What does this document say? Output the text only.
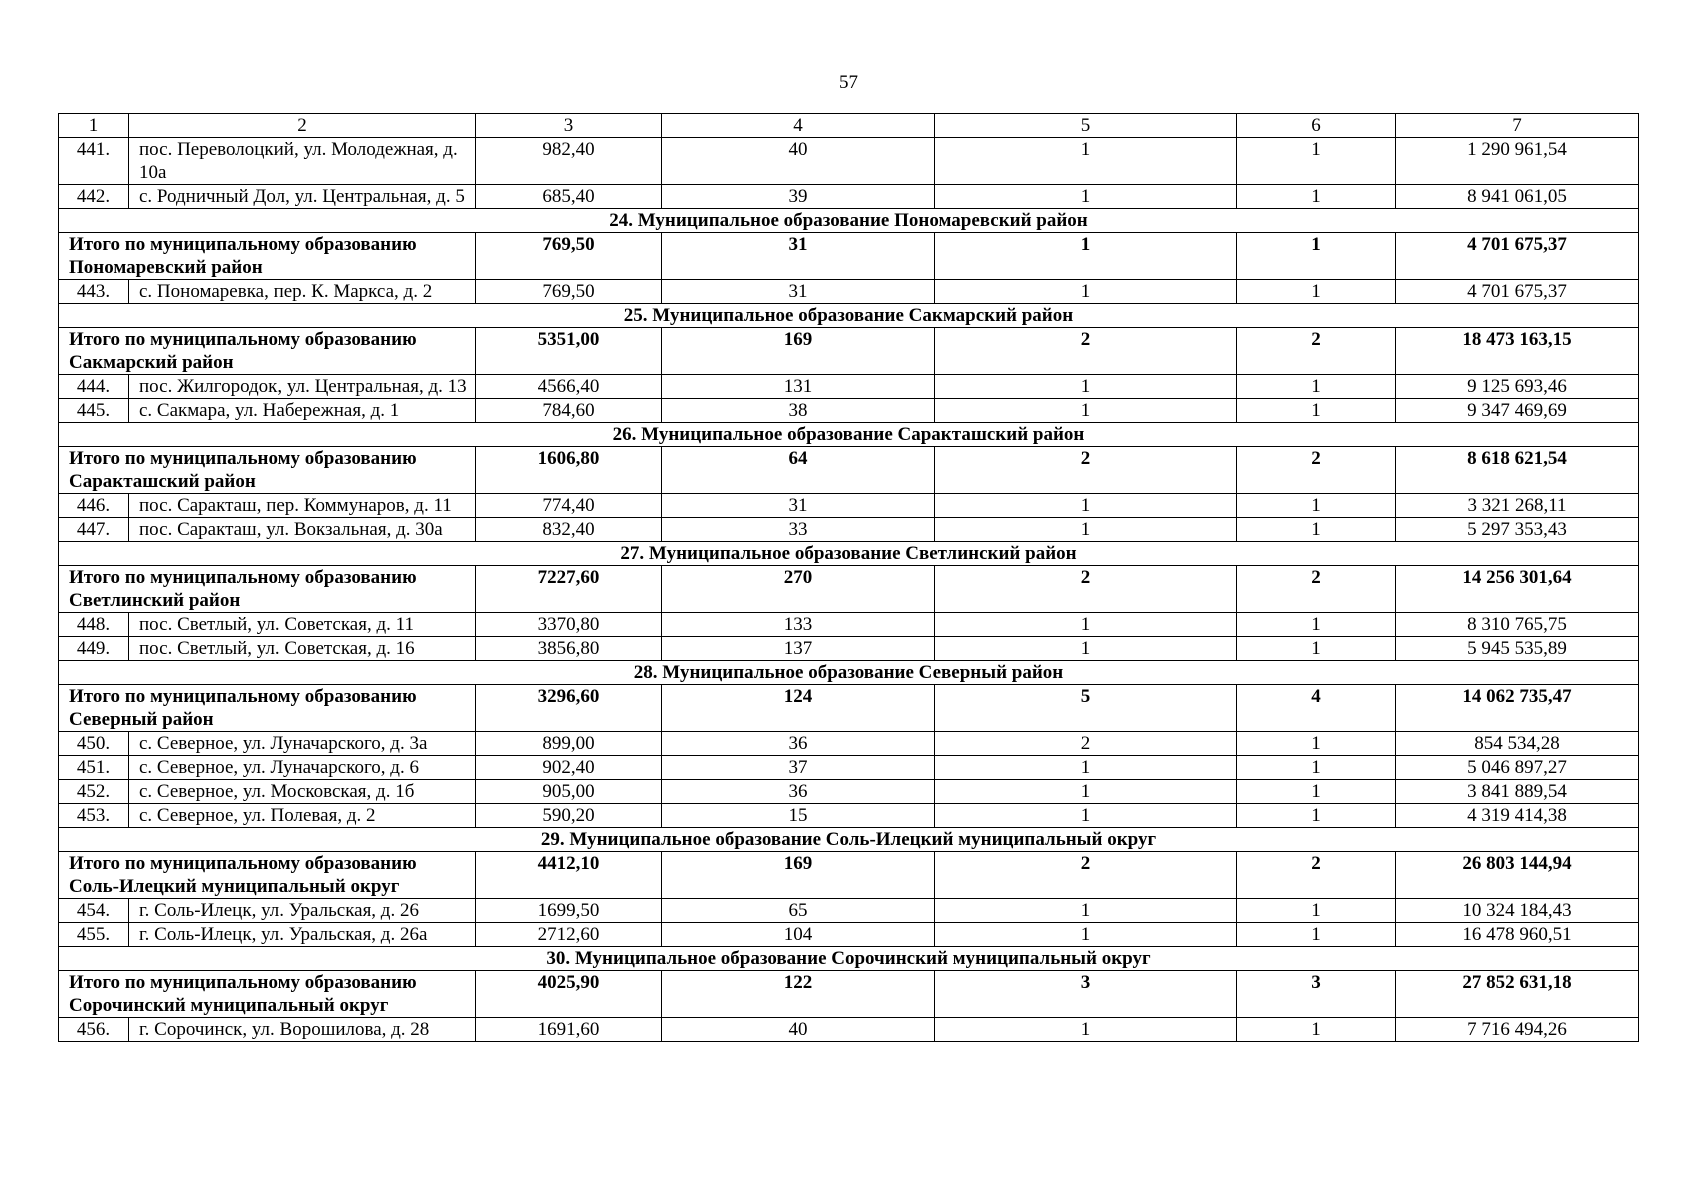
57
1	2	3	4	5	6	7
441.	пос. Переволоцкий, ул. Молодежная, д. 10а	982,40	40	1	1	1 290 961,54
442.	с. Родничный Дол, ул. Центральная, д. 5	685,40	39	1	1	8 941 061,05
24. Муниципальное образование Пономаревский район						
Итого по муниципальному образованию Пономаревский район		769,50	31	1	1	4 701 675,37
443.	с. Пономаревка, пер. К. Маркса, д. 2	769,50	31	1	1	4 701 675,37
25. Муниципальное образование Сакмарский район						
Итого по муниципальному образованию Сакмарский район		5351,00	169	2	2	18 473 163,15
444.	пос. Жилгородок, ул. Центральная, д. 13	4566,40	131	1	1	9 125 693,46
445.	с. Сакмара, ул. Набережная, д. 1	784,60	38	1	1	9 347 469,69
26. Муниципальное образование Саракташский район						
Итого по муниципальному образованию Саракташский район		1606,80	64	2	2	8 618 621,54
446.	пос. Саракташ, пер. Коммунаров, д. 11	774,40	31	1	1	3 321 268,11
447.	пос. Саракташ, ул. Вокзальная, д. 30а	832,40	33	1	1	5 297 353,43
27. Муниципальное образование Светлинский район						
Итого по муниципальному образованию Светлинский район		7227,60	270	2	2	14 256 301,64
448.	пос. Светлый, ул. Советская, д. 11	3370,80	133	1	1	8 310 765,75
449.	пос. Светлый, ул. Советская, д. 16	3856,80	137	1	1	5 945 535,89
28. Муниципальное образование Северный район						
Итого по муниципальному образованию Северный район		3296,60	124	5	4	14 062 735,47
450.	с. Северное, ул. Луначарского, д. 3а	899,00	36	2	1	854 534,28
451.	с. Северное, ул. Луначарского, д. 6	902,40	37	1	1	5 046 897,27
452.	с. Северное, ул. Московская, д. 1б	905,00	36	1	1	3 841 889,54
453.	с. Северное, ул. Полевая, д. 2	590,20	15	1	1	4 319 414,38
29. Муниципальное образование Соль-Илецкий муниципальный округ						
Итого по муниципальному образованию Соль-Илецкий муниципальный округ		4412,10	169	2	2	26 803 144,94
454.	г. Соль-Илецк, ул. Уральская, д. 26	1699,50	65	1	1	10 324 184,43
455.	г. Соль-Илецк, ул. Уральская, д. 26а	2712,60	104	1	1	16 478 960,51
30. Муниципальное образование Сорочинский муниципальный округ						
Итого по муниципальному образованию Сорочинский муниципальный округ		4025,90	122	3	3	27 852 631,18
456.	г. Сорочинск, ул. Ворошилова, д. 28	1691,60	40	1	1	7 716 494,26
